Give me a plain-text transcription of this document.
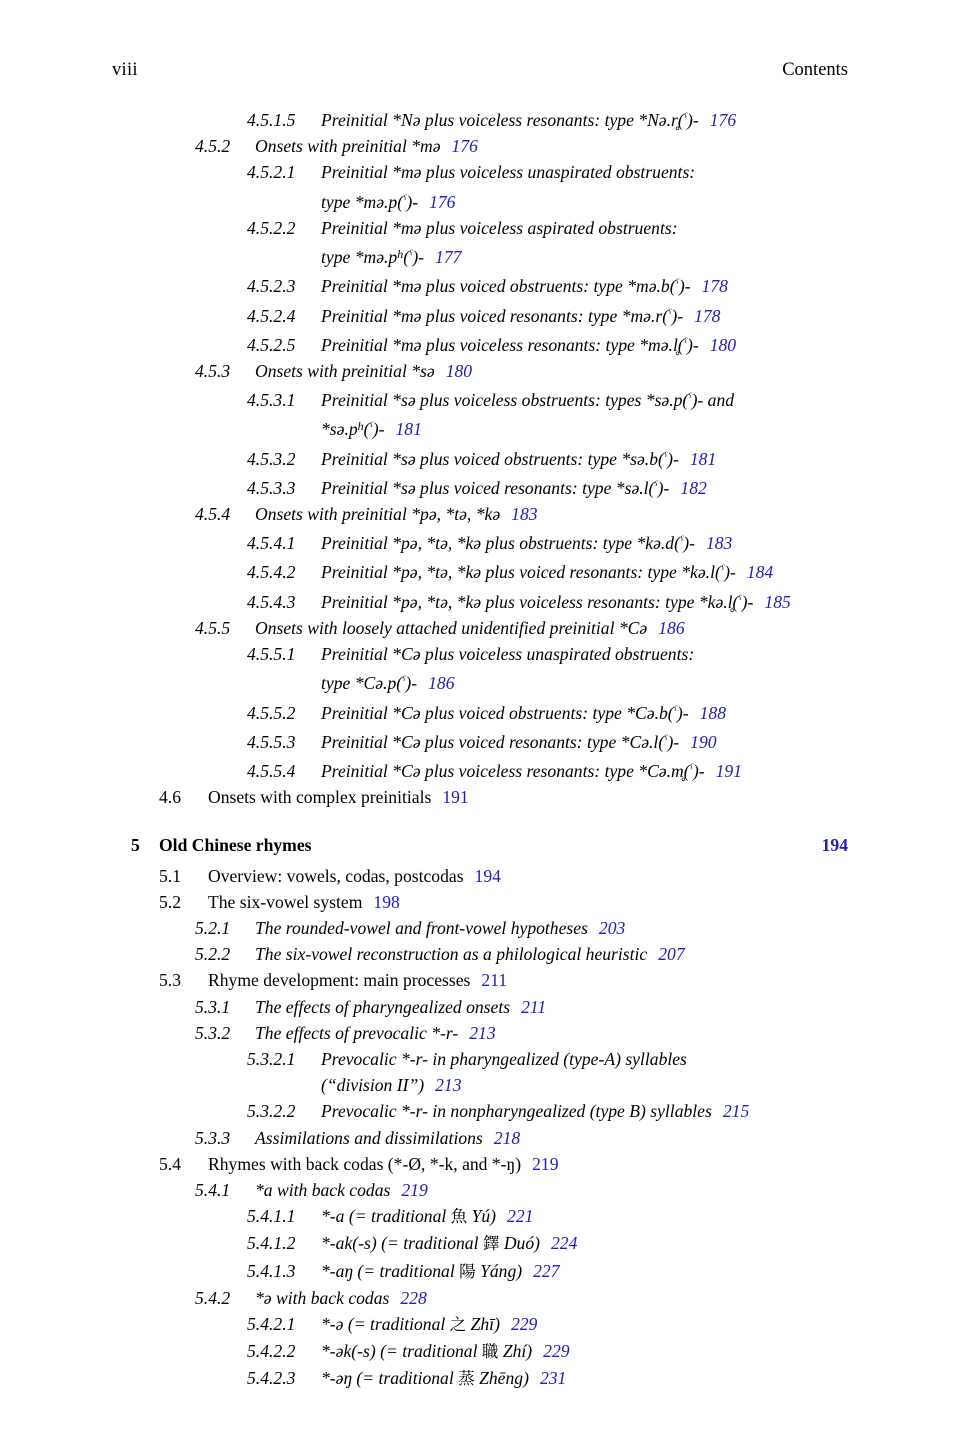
viii	Contents
4.5.1.5 Preinitial *Nə plus voiceless resonants: type *Nə.r̥($^ˁ$)- 176
4.5.2 Onsets with preinitial *mə 176
4.5.2.1 Preinitial *mə plus voiceless unaspirated obstruents:
type *mə.p($^ˁ$)- 176
4.5.2.2 Preinitial *mə plus voiceless aspirated obstruents:
type $*mə.p^h(^ˁ)-$ 177
4.5.2.3 Preinitial *mə plus voiced obstruents: type *mə.b($^ˁ$)- 178
4.5.2.4 Preinitial *mə plus voiced resonants: type *mə.r($^ˁ$)- 178
4.5.2.5 Preinitial *mə plus voiceless resonants: type *mə.l̥($^ˁ$)- 180
4.5.3 Onsets with preinitial *sə 180
4.5.3.1 Preinitial *sə plus voiceless obstruents: types *sə.p($^ˁ$)- and
$*sə.p^h(^ˁ)-$ 181
4.5.3.2 Preinitial *sə plus voiced obstruents: type *sə.b($^ˁ$)- 181
4.5.3.3 Preinitial *sə plus voiced resonants: type *sə.l($^ˁ$)- 182
4.5.4 Onsets with preinitial *pə, *tə, *kə 183
4.5.4.1 Preinitial *pə, *tə, *kə plus obstruents: type *kə.d($^ˁ$)- 183
4.5.4.2 Preinitial *pə, *tə, *kə plus voiced resonants: type *kə.l($^ˁ$)- 184
4.5.4.3 Preinitial *pə, *tə, *kə plus voiceless resonants: type *kə.l̥($^ˁ$)- 185
4.5.5 Onsets with loosely attached unidentified preinitial *Cə 186
4.5.5.1 Preinitial *Cə plus voiceless unaspirated obstruents:
type *Cə.p($^ˁ$)- 186
4.5.5.2 Preinitial *Cə plus voiced obstruents: type *Cə.b($^ˁ$)- 188
4.5.5.3 Preinitial *Cə plus voiced resonants: type *Cə.l($^ˁ$)- 190
4.5.5.4 Preinitial *Cə plus voiceless resonants: type *Cə.m̥($^ˁ$)- 191
4.6 Onsets with complex preinitials 191
5 Old Chinese rhymes	194
5.1 Overview: vowels, codas, postcodas 194
5.2 The six-vowel system 198
5.2.1 The rounded-vowel and front-vowel hypotheses 203
5.2.2 The six-vowel reconstruction as a philological heuristic 207
5.3 Rhyme development: main processes 211
5.3.1 The effects of pharyngealized onsets 211
5.3.2 The effects of prevocalic *-r- 213
5.3.2.1 Prevocalic *-r- in pharyngealized (type-A) syllables
(“division II”) 213
5.3.2.2 Prevocalic *-r- in nonpharyngealized (type B) syllables 215
5.3.3 Assimilations and dissimilations 218
5.4 Rhymes with back codas (*-Ø, *-k, and *-ŋ) 219
5.4.1 *a with back codas 219
5.4.1.1 *-a (= traditional 魚 Yú) 221
5.4.1.2 *-ak(-s) (= traditional 鐸 Duó) 224
5.4.1.3 *-aŋ (= traditional 陽 Yáng) 227
5.4.2 *ə with back codas 228
5.4.2.1 *-ə (= traditional 之 Zhī) 229
5.4.2.2 *-ək(-s) (= traditional 職 Zhí) 229
5.4.2.3 *-əŋ (= traditional 蒸 Zhēng) 231
